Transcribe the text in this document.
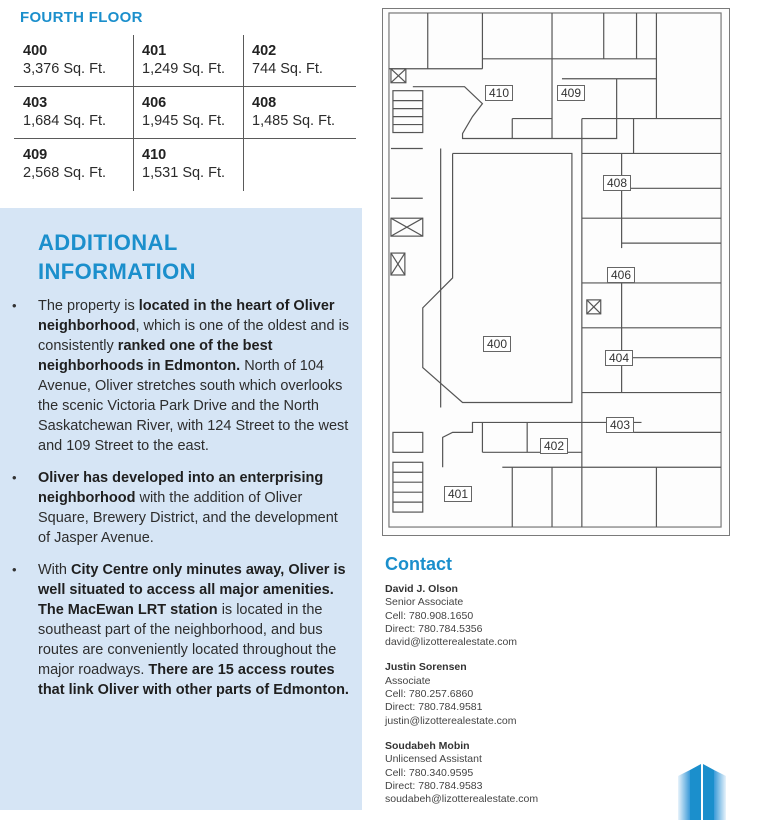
FOURTH FLOOR
400
3,376 Sq. Ft.
401
1,249 Sq. Ft.
402
744 Sq. Ft.
403
1,684 Sq. Ft.
406
1,945 Sq. Ft.
408
1,485 Sq. Ft.
409
2,568 Sq. Ft.
410
1,531 Sq. Ft.
ADDITIONAL
INFORMATION
• The property is located in the heart of Oliver neighborhood, which is one of the oldest and is consistently ranked one of the best neighborhoods in Edmonton. North of 104 Avenue, Oliver stretches south which overlooks the scenic Victoria Park Drive and the North Saskatchewan River, with 124 Street to the west and 109 Street to the east.
• Oliver has developed into an enterprising neighborhood with the addition of Oliver Square, Brewery District, and the development of Jasper Avenue.
• With City Centre only minutes away, Oliver is well situated to access all major amenities. The MacEwan LRT station is located in the southeast part of the neighborhood, and bus routes are conveniently located throughout the major roadways. There are 15 access routes that link Oliver with other parts of Edmonton.
410	409
408
406
400
404
403
402
401
Contact
David J. Olson
Senior Associate
Cell: 780.908.1650
Direct: 780.784.5356
david@lizotterealestate.com
Justin Sorensen
Associate
Cell: 780.257.6860
Direct: 780.784.9581
justin@lizotterealestate.com
Soudabeh Mobin
Unlicensed Assistant
Cell: 780.340.9595
Direct: 780.784.9583
soudabeh@lizotterealestate.com
